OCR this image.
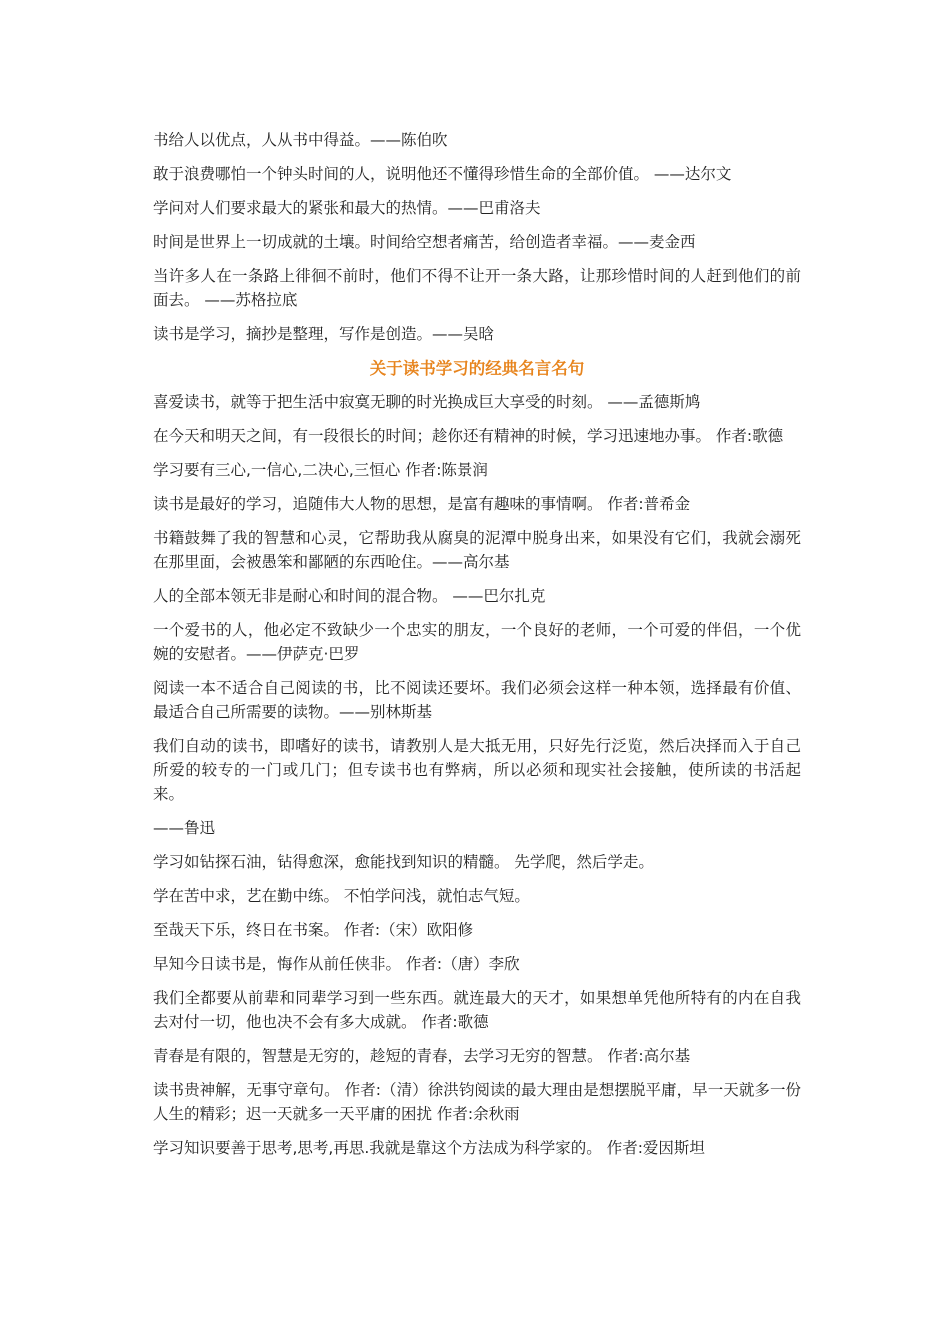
书给人以优点，人从书中得益。——陈伯吹

敢于浪费哪怕一个钟头时间的人，说明他还不懂得珍惜生命的全部价值。 ——达尔文

学问对人们要求最大的紧张和最大的热情。——巴甫洛夫

时间是世界上一切成就的土壤。时间给空想者痛苦，给创造者幸福。——麦金西

当许多人在一条路上徘徊不前时，他们不得不让开一条大路，让那珍惜时间的人赶到他们的前面去。 ——苏格拉底

读书是学习，摘抄是整理，写作是创造。——吴晗

关于读书学习的经典名言名句

喜爱读书，就等于把生活中寂寞无聊的时光换成巨大享受的时刻。 ——孟德斯鸠

在今天和明天之间，有一段很长的时间；趁你还有精神的时候，学习迅速地办事。 作者:歌德

学习要有三心,一信心,二决心,三恒心 作者:陈景润

读书是最好的学习，追随伟大人物的思想，是富有趣味的事情啊。 作者:普希金

书籍鼓舞了我的智慧和心灵，它帮助我从腐臭的泥潭中脱身出来，如果没有它们，我就会溺死在那里面，会被愚笨和鄙陋的东西呛住。——高尔基

人的全部本领无非是耐心和时间的混合物。 ——巴尔扎克

一个爱书的人，他必定不致缺少一个忠实的朋友，一个良好的老师，一个可爱的伴侣，一个优婉的安慰者。——伊萨克·巴罗

阅读一本不适合自己阅读的书，比不阅读还要坏。我们必须会这样一种本领，选择最有价值、最适合自己所需要的读物。——别林斯基

我们自动的读书，即嗜好的读书，请教别人是大抵无用，只好先行泛览，然后决择而入于自己所爱的较专的一门或几门；但专读书也有弊病，所以必须和现实社会接触，使所读的书活起来。

——鲁迅

学习如钻探石油，钻得愈深，愈能找到知识的精髓。 先学爬，然后学走。

学在苦中求，艺在勤中练。 不怕学问浅，就怕志气短。

至哉天下乐，终日在书案。 作者:（宋）欧阳修

早知今日读书是，悔作从前任侠非。 作者:（唐）李欣

我们全都要从前辈和同辈学习到一些东西。就连最大的天才，如果想单凭他所特有的内在自我去对付一切，他也决不会有多大成就。 作者:歌德

青春是有限的，智慧是无穷的，趁短的青春，去学习无穷的智慧。 作者:高尔基

读书贵神解，无事守章句。 作者:（清）徐洪钧阅读的最大理由是想摆脱平庸，早一天就多一份人生的精彩；迟一天就多一天平庸的困扰 作者:余秋雨

学习知识要善于思考,思考,再思.我就是靠这个方法成为科学家的。 作者:爱因斯坦
